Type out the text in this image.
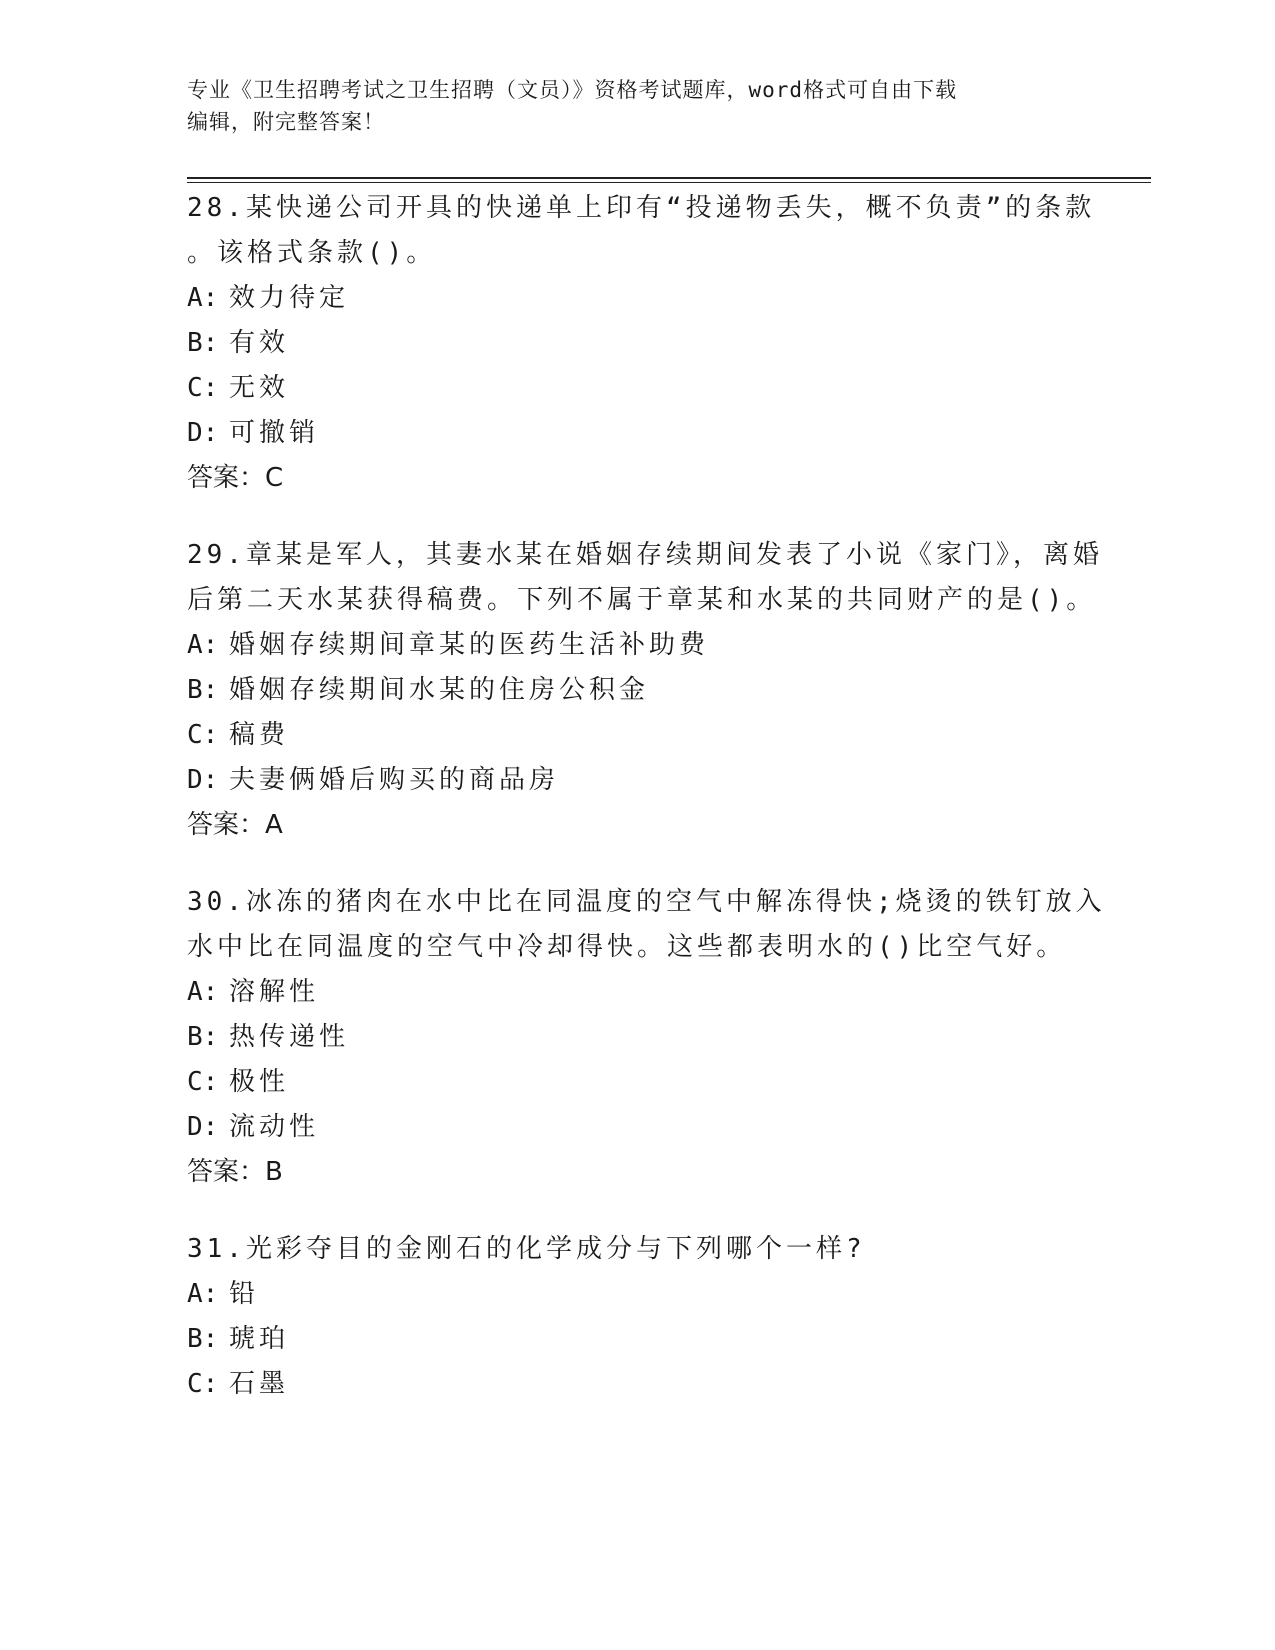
专业《卫生招聘考试之卫生招聘（文员）》资格考试题库，word格式可自由下载
编辑，附完整答案！
28.某快递公司开具的快递单上印有“投递物丢失，概不负责”的条款
。该格式条款()。
A: 效力待定
B: 有效
C: 无效
D: 可撤销
答案：C
29.章某是军人，其妻水某在婚姻存续期间发表了小说《家门》，离婚
后第二天水某获得稿费。下列不属于章某和水某的共同财产的是()。
A: 婚姻存续期间章某的医药生活补助费
B: 婚姻存续期间水某的住房公积金
C: 稿费
D: 夫妻俩婚后购买的商品房
答案：A
30.冰冻的猪肉在水中比在同温度的空气中解冻得快;烧烫的铁钉放入
水中比在同温度的空气中冷却得快。这些都表明水的()比空气好。
A: 溶解性
B: 热传递性
C: 极性
D: 流动性
答案：B
31.光彩夺目的金刚石的化学成分与下列哪个一样?
A: 铅
B: 琥珀
C: 石墨
